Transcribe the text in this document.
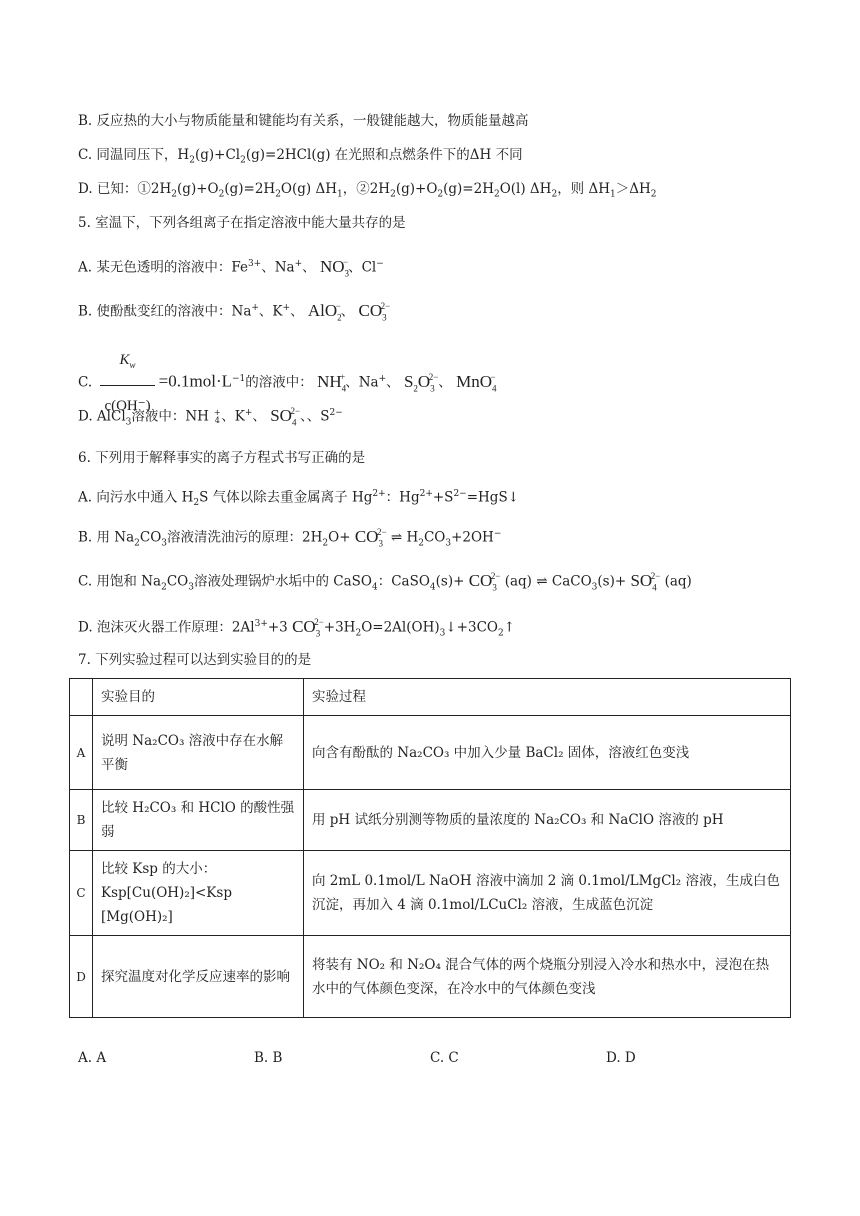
B. 反应热的大小与物质能量和键能均有关系，一般键能越大，物质能量越高
C. 同温同压下，$H_2(g)+Cl_2(g)=2HCl(g)$ 在光照和点燃条件下的ΔH 不同
D. 已知：$①2H_2(g)+O_2(g)=2H_2O(g)$ $\Delta H_1$，$②2H_2(g)+O_2(g)=2H_2O(l)$ $\Delta H_2$，则 $\Delta H_1>\Delta H_2$
5. 室温下，下列各组离子在指定溶液中能大量共存的是
A. 某无色透明的溶液中：$Fe^{3+}$、Na+、 $NO_3^-$、Cl−
B. 使酚酞变红的溶液中：Na+、K+、 AlO$_2$−、 $CO_3^{2-}$
C. $\frac{K_w}{c(OH^-)} =0.1mol\cdot L^{-1}$的溶液中： $NH_4^+$、Na+、 $S_2O_3^{2-}$、 MnO$_4$−
D. AlCl$_3$溶液中：NH +
4、K+、 $SO_4^{2-}$、、$S^{2-}$
6. 下列用于解释事实的离子方程式书写正确的是
A. 向污水中通入 $H_2S$ 气体以除去重金属离子 $Hg^{2+}$：$Hg^{2+}+S^{2-}=HgS↓$
B. 用 $Na_2CO_3$溶液清洗油污的原理：$2H_2O+ CO_3^{2-}$ ⇌ $H_2CO_3+2OH^-$
C. 用饱和 $Na_2CO_3$溶液处理锅炉水垢中的 CaSO$_4$：CaSO$_4$(s)+ $CO_3^{2-}$ (aq) ⇌ CaCO$_3$(s)+ $SO_4^{2-}$ (aq)
D. 泡沫灭火器工作原理：$2Al^{3+}+3$ $CO_3^{2-}+3H_2O=2Al(OH)_3↓+3CO_2↑$
7. 下列实验过程可以达到实验目的的是
	实验目的	实验过程
A	说明 Na₂CO₃ 溶液中存在水解平衡	向含有酚酞的 Na₂CO₃ 中加入少量 BaCl₂ 固体，溶液红色变浅
B	比较 H₂CO₃ 和 HClO 的酸性强弱	用 pH 试纸分别测等物质的量浓度的 Na₂CO₃ 和 NaClO 溶液的 pH
C	比较 Ksp 的大小：Ksp[Cu(OH)₂]<Ksp [Mg(OH)₂]	向 2mL 0.1mol/L NaOH 溶液中滴加 2 滴 0.1mol/LMgCl₂ 溶液，生成白色沉淀，再加入 4 滴 0.1mol/LCuCl₂ 溶液，生成蓝色沉淀
D	探究温度对化学反应速率的影响	将装有 NO₂ 和 N₂O₄ 混合气体的两个烧瓶分别浸入冷水和热水中，浸泡在热水中的气体颜色变深，在冷水中的气体颜色变浅
A. A	B. B	C. C	D. D
